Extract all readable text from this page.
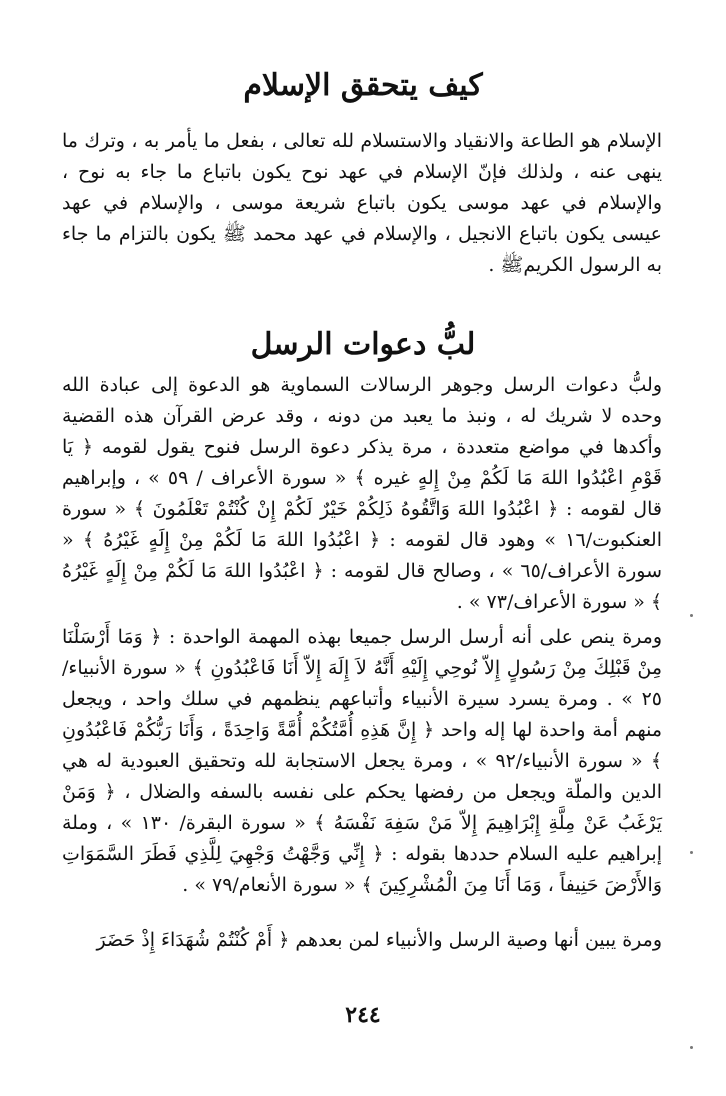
كيف يتحقق الإسلام

الإسلام هو الطاعة والانقياد والاستسلام لله تعالى ، بفعل ما يأمر به ، وترك ما ينهى عنه ، ولذلك فإنّ الإسلام في عهد نوح يكون باتباع ما جاء به نوح ، والإسلام في عهد موسى يكون باتباع شريعة موسى ، والإسلام في عهد عيسى يكون باتباع الانجيل ، والإسلام في عهد محمد ﷺ يكون بالتزام ما جاء به الرسول الكريمﷺ .

لبُّ دعوات الرسل

ولبُّ دعوات الرسل وجوهر الرسالات السماوية هو الدعوة إلى عبادة الله وحده لا شريك له ، ونبذ ما يعبد من دونه ، وقد عرض القرآن هذه القضية وأكدها في مواضع متعددة ، مرة يذكر دعوة الرسل فنوح يقول لقومه ﴿ يَا قَوْمِ اعْبُدُوا اللهَ مَا لَكُمْ مِنْ إِلهٍ غيره ﴾ « سورة الأعراف / ٥٩ » ، وإبراهيم قال لقومه : ﴿ اعْبُدُوا اللهَ وَاتَّقُوهُ ذَلِكُمْ خَيْرٌ لَكُمْ إِنْ كُنْتُمْ تَعْلَمُونَ ﴾ « سورة العنكبوت/١٦ » وهود قال لقومه : ﴿ اعْبُدُوا اللهَ مَا لَكُمْ مِنْ إِلَهٍ غَيْرُهُ ﴾ « سورة الأعراف/٦٥ » ، وصالح قال لقومه : ﴿ اعْبُدُوا اللهَ مَا لَكُمْ مِنْ إِلَهٍ غَيْرُهُ ﴾ « سورة الأعراف/٧٣ » .

ومرة ينص على أنه أرسل الرسل جميعا بهذه المهمة الواحدة : ﴿ وَمَا أَرْسَلْنَا مِنْ قَبْلِكَ مِنْ رَسُولٍ إِلاّ نُوحِي إِلَيْهِ أَنَّهُ لاَ إِلَهَ إِلاّ أَنَا فَاعْبُدُونِ ﴾ « سورة الأنبياء/٢٥ » . ومرة يسرد سيرة الأنبياء وأتباعهم ينظمهم في سلك واحد ، ويجعل منهم أمة واحدة لها إله واحد ﴿ إِنَّ هَذِهِ أُمَّتُكُمْ أُمَّةً وَاحِدَةً ، وَأَنَا رَبُّكُمْ فَاعْبُدُونِ ﴾ « سورة الأنبياء/٩٢ » ، ومرة يجعل الاستجابة لله وتحقيق العبودية له هي الدين والملّة ويجعل من رفضها يحكم على نفسه بالسفه والضلال ، ﴿ وَمَنْ يَرْغَبُ عَنْ مِلَّةِ إِبْرَاهِيمَ إِلاّ مَنْ سَفِهَ نَفْسَهُ ﴾ « سورة البقرة/ ١٣٠ » ، وملة إبراهيم عليه السلام حددها بقوله : ﴿ إِنِّي وَجَّهْتُ وَجْهِيَ لِلَّذِي فَطَرَ السَّمَوَاتِ وَالأَرْضَ حَنِيفاً ، وَمَا أَنَا مِنَ الْمُشْرِكِينَ ﴾ « سورة الأنعام/٧٩ » .

ومرة يبين أنها وصية الرسل والأنبياء لمن بعدهم ﴿ أَمْ كُنْتُمْ شُهَدَاءَ إِذْ حَضَرَ

٢٤٤
